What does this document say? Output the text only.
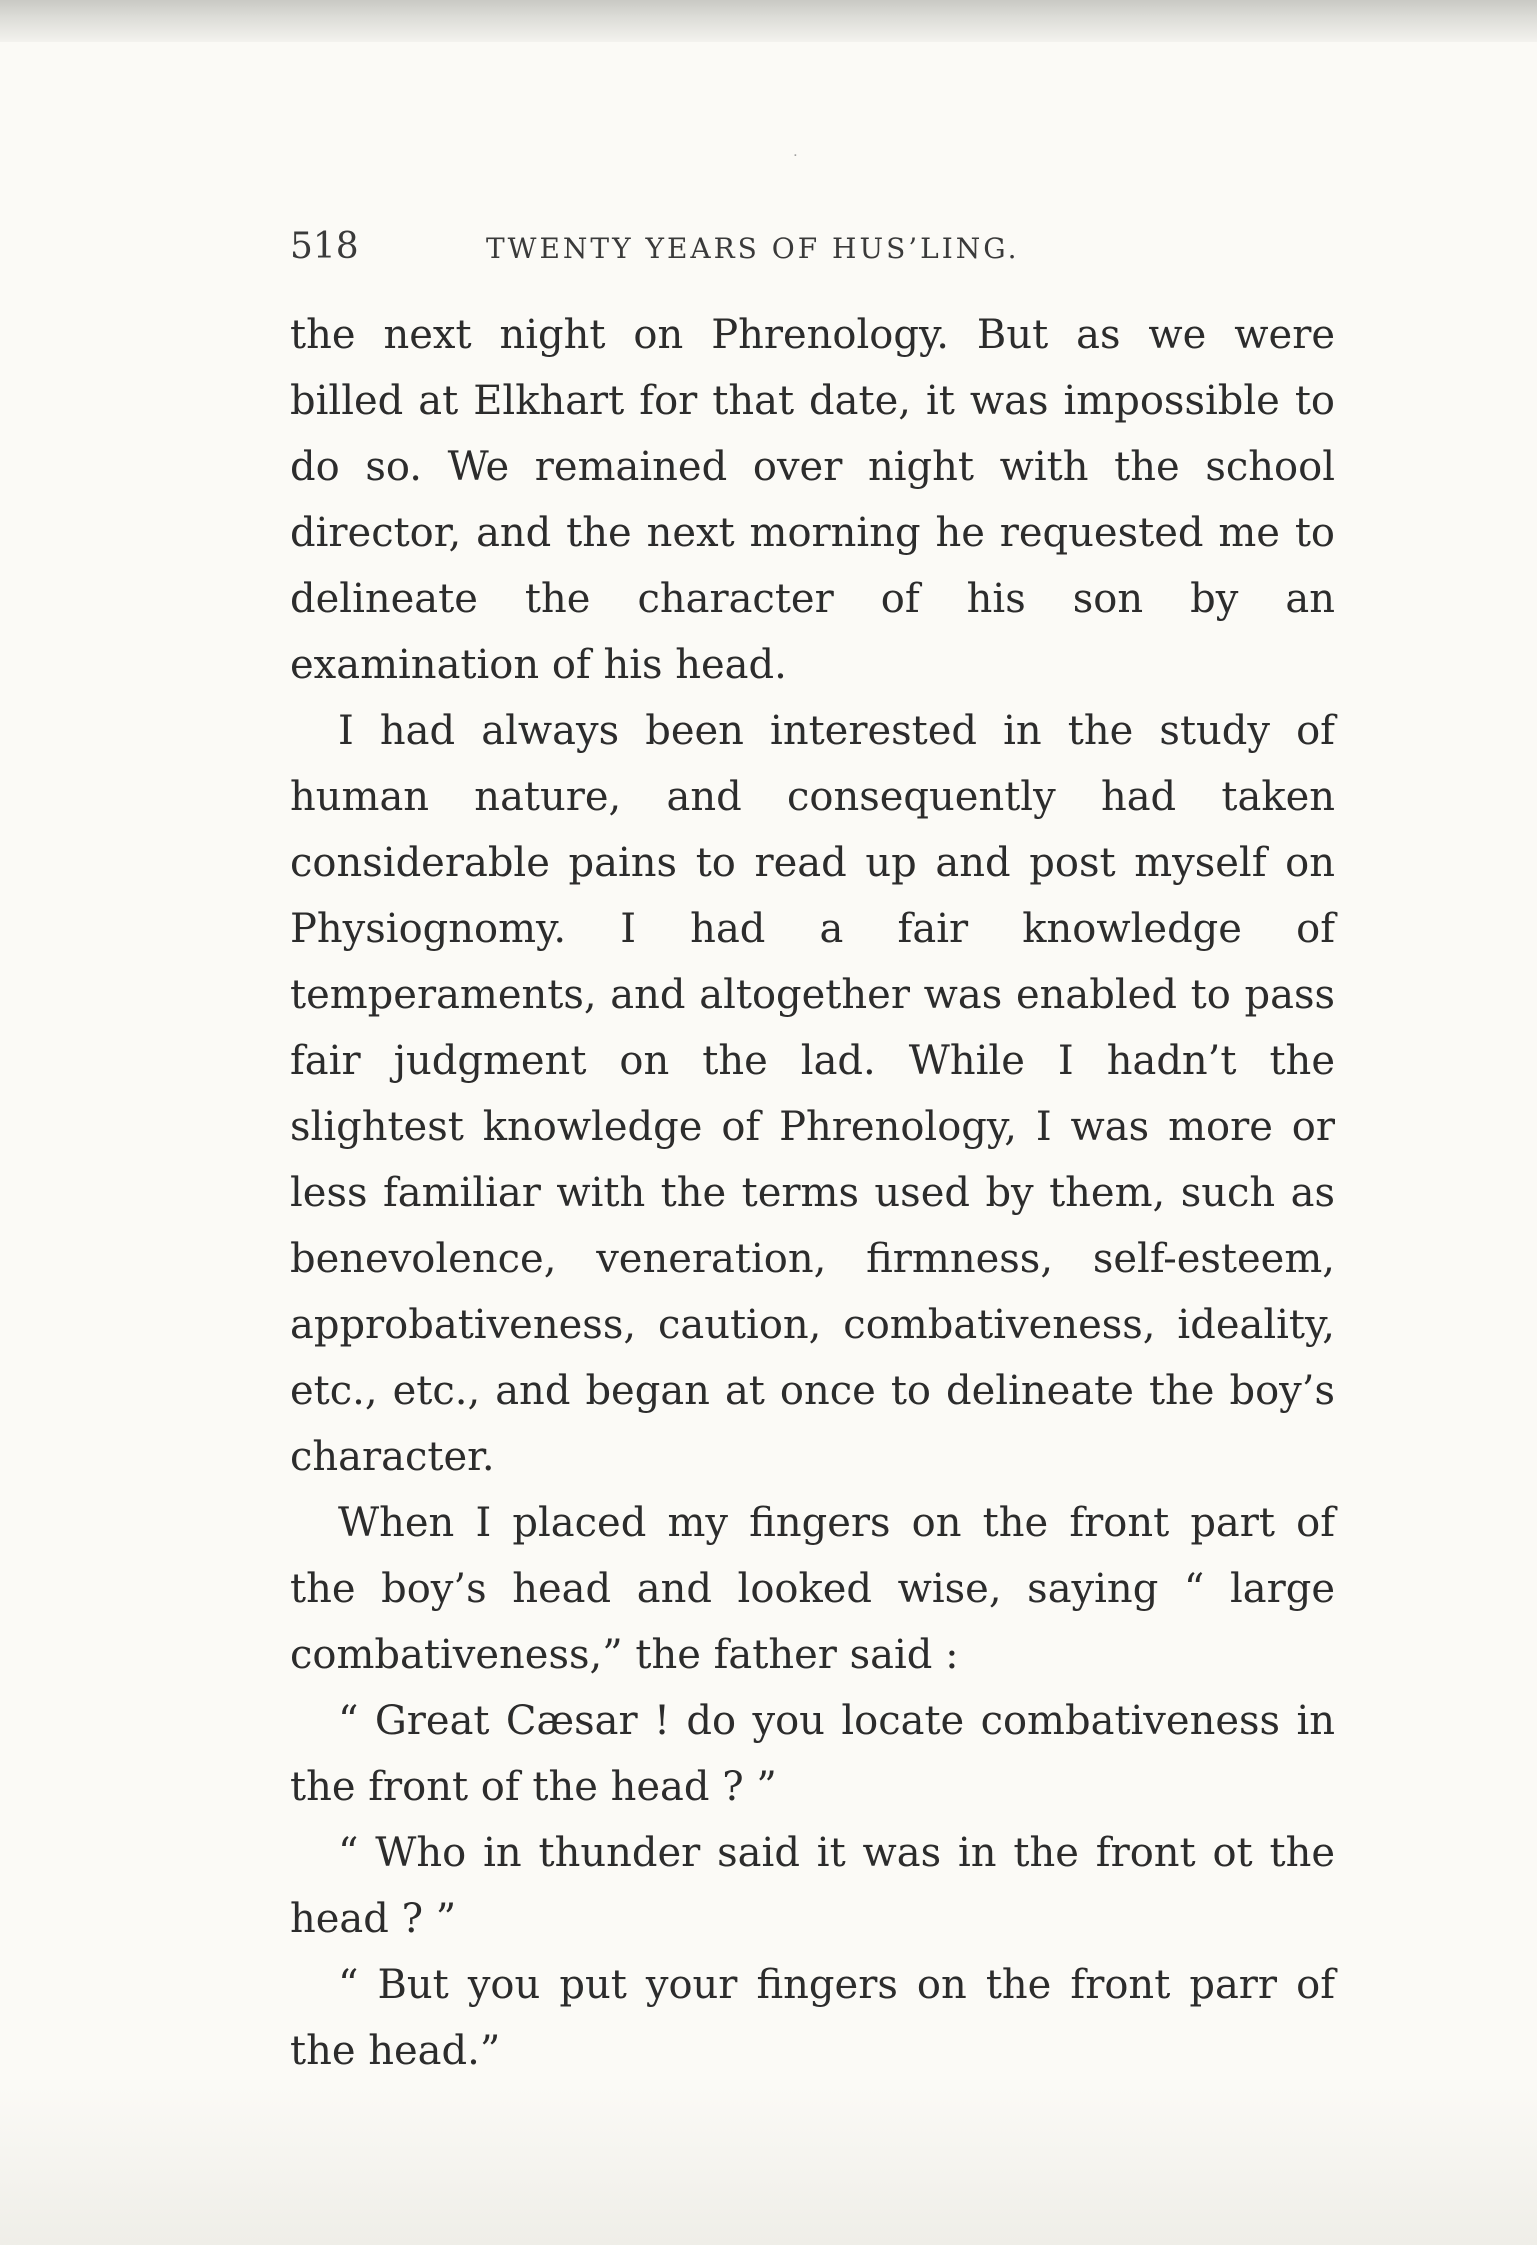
ᐝ
518	TWENTY YEARS OF HUS’LING.

the next night on Phrenology. But as we were billed at Elkhart for that date, it was impossible to do so. We remained over night with the school director, and the next morning he requested me to delineate the character of his son by an examination of his head.

I had always been interested in the study of human nature, and consequently had taken considerable pains to read up and post myself on Physiognomy. I had a fair knowledge of temperaments, and altogether was enabled to pass fair judgment on the lad. While I hadn’t the slightest knowledge of Phrenology, I was more or less familiar with the terms used by them, such as benevolence, veneration, firmness, self-esteem, approbativeness, caution, combativeness, ideality, etc., etc., and began at once to delineate the boy’s character.

When I placed my fingers on the front part of the boy’s head and looked wise, saying “ large combativeness,” the father said :

“ Great Cæsar ! do you locate combativeness in the front of the head ? ”

“ Who in thunder said it was in the front ot the head ? ”

“ But you put your fingers on the front parr of the head.”
